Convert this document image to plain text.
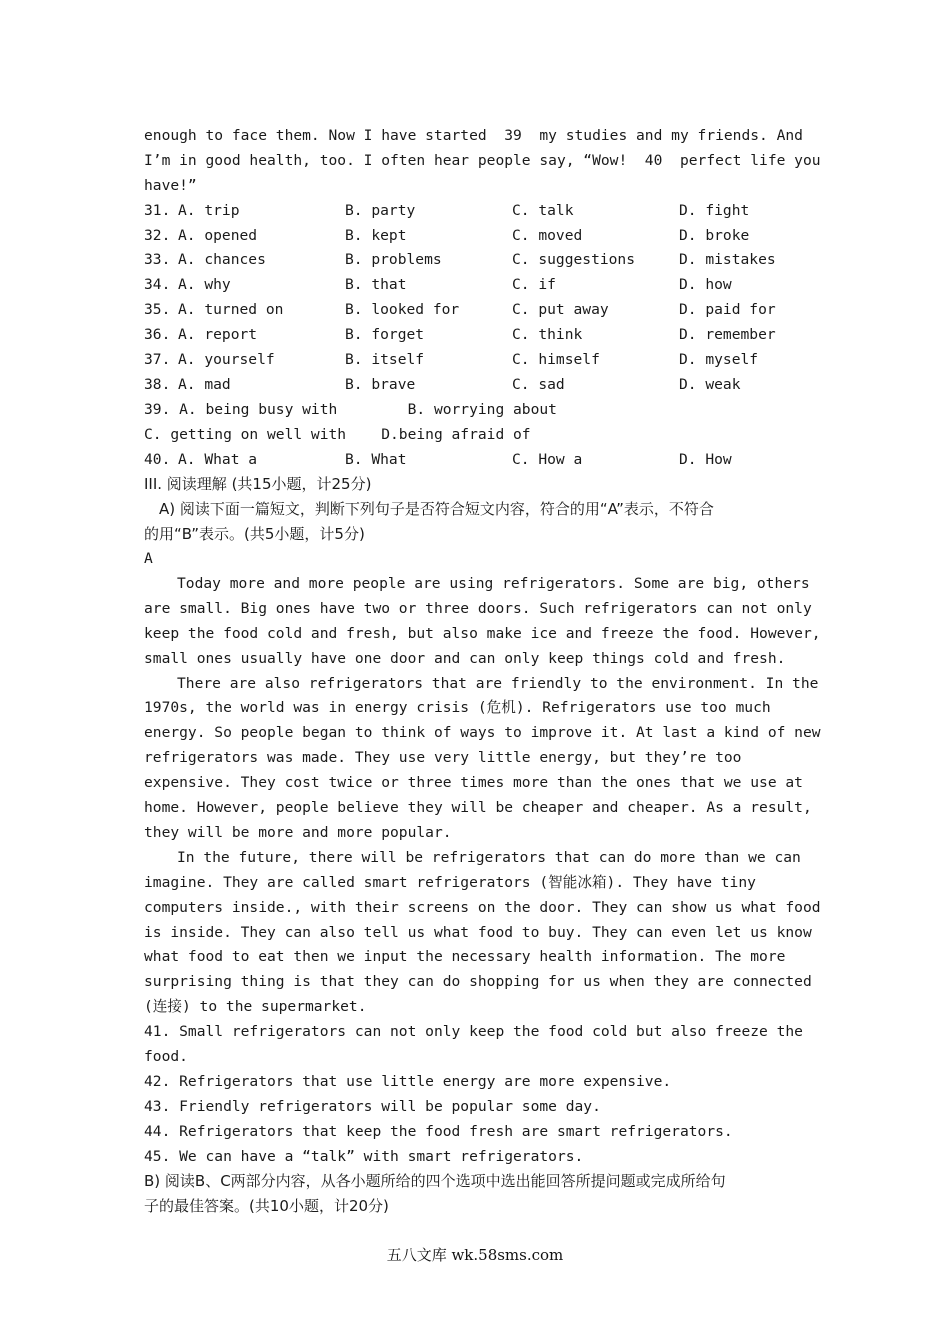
enough to face them. Now I have started  39  my studies and my friends. And
I’m in good health, too. I often hear people say, “Wow!  40  perfect life you
have!”
31. A. trip	B. party	C. talk	D. fight
32. A. opened	B. kept	C. moved	D. broke
33. A. chances	B. problems	C. suggestions	D. mistakes
34. A. why	B. that	C. if	D. how
35. A. turned on	B. looked for	C. put away	D. paid for
36. A. report	B. forget	C. think	D. remember
37. A. yourself	B. itself	C. himself	D. myself
38. A. mad	B. brave	C. sad	D. weak
39. A. being busy with        B. worrying about
C. getting on well with    D.being afraid of
40. A. What a	B. What	C. How a	D. How
III. 阅读理解 (共15小题，计25分)
A) 阅读下面一篇短文，判断下列句子是否符合短文内容，符合的用“A”表示，不符合
的用“B”表示。(共5小题，计5分)
A
Today more and more people are using refrigerators. Some are big, others
are small. Big ones have two or three doors. Such refrigerators can not only
keep the food cold and fresh, but also make ice and freeze the food. However,
small ones usually have one door and can only keep things cold and fresh.
There are also refrigerators that are friendly to the environment. In the
1970s, the world was in energy crisis (危机). Refrigerators use too much
energy. So people began to think of ways to improve it. At last a kind of new
refrigerators was made. They use very little energy, but they’re too
expensive. They cost twice or three times more than the ones that we use at
home. However, people believe they will be cheaper and cheaper. As a result,
they will be more and more popular.
In the future, there will be refrigerators that can do more than we can
imagine. They are called smart refrigerators (智能冰箱). They have tiny
computers inside., with their screens on the door. They can show us what food
is inside. They can also tell us what food to buy. They can even let us know
what food to eat then we input the necessary health information. The more
surprising thing is that they can do shopping for us when they are connected
(连接) to the supermarket.
41. Small refrigerators can not only keep the food cold but also freeze the
food.
42. Refrigerators that use little energy are more expensive.
43. Friendly refrigerators will be popular some day.
44. Refrigerators that keep the food fresh are smart refrigerators.
45. We can have a “talk” with smart refrigerators.
B) 阅读B、C两部分内容，从各小题所给的四个选项中选出能回答所提问题或完成所给句
子的最佳答案。(共10小题，计20分)
五八文库 wk.58sms.com
